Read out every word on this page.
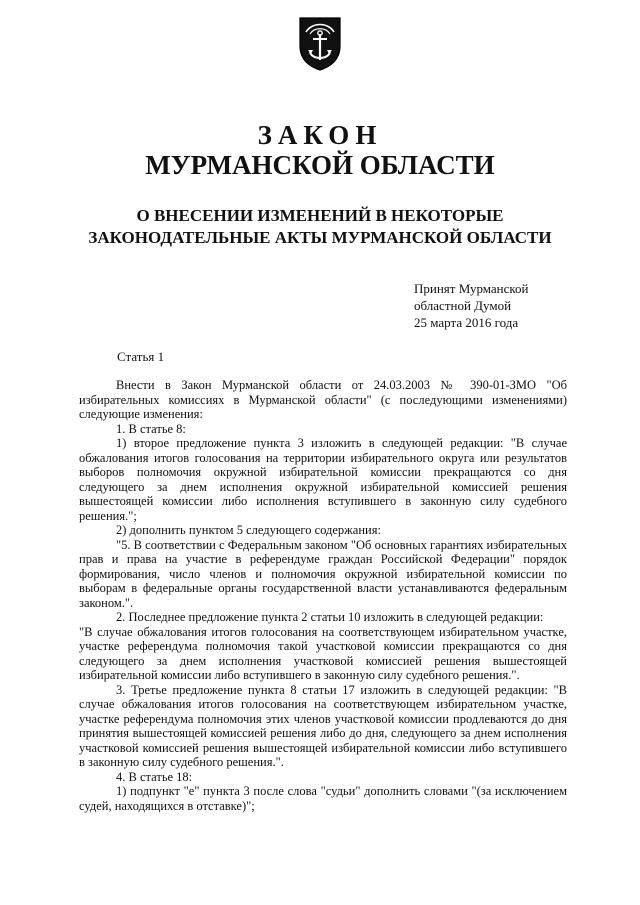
ЗАКОН
МУРМАНСКОЙ ОБЛАСТИ
О ВНЕСЕНИИ ИЗМЕНЕНИЙ В НЕКОТОРЫЕ
ЗАКОНОДАТЕЛЬНЫЕ АКТЫ МУРМАНСКОЙ ОБЛАСТИ
Принят Мурманской
областной Думой
25 марта 2016 года
Статья 1

Внести в Закон Мурманской области от 24.03.2003 № 390-01-ЗМО "Об избирательных комиссиях в Мурманской области" (с последующими изменениями) следующие изменения:

1. В статье 8:

1) второе предложение пункта 3 изложить в следующей редакции: "В случае обжалования итогов голосования на территории избирательного округа или результатов выборов полномочия окружной избирательной комиссии прекращаются со дня следующего за днем исполнения окружной избирательной комиссией решения вышестоящей комиссии либо исполнения вступившего в законную силу судебного решения.";

2) дополнить пунктом 5 следующего содержания:

"5. В соответствии с Федеральным законом "Об основных гарантиях избирательных прав и права на участие в референдуме граждан Российской Федерации" порядок формирования, число членов и полномочия окружной избирательной комиссии по выборам в федеральные органы государственной власти устанавливаются федеральным законом.".

2. Последнее предложение пункта 2 статьи 10 изложить в следующей редакции:

"В случае обжалования итогов голосования на соответствующем избирательном участке, участке референдума полномочия такой участковой комиссии прекращаются со дня следующего за днем исполнения участковой комиссией решения вышестоящей избирательной комиссии либо вступившего в законную силу судебного решения.".

3. Третье предложение пункта 8 статьи 17 изложить в следующей редакции: "В случае обжалования итогов голосования на соответствующем избирательном участке, участке референдума полномочия этих членов участковой комиссии продлеваются до дня принятия вышестоящей комиссией решения либо до дня, следующего за днем исполнения участковой комиссией решения вышестоящей избирательной комиссии либо вступившего в законную силу судебного решения.".

4. В статье 18:

1) подпункт "е" пункта 3 после слова "судьи" дополнить словами "(за исключением судей, находящихся в отставке)";
